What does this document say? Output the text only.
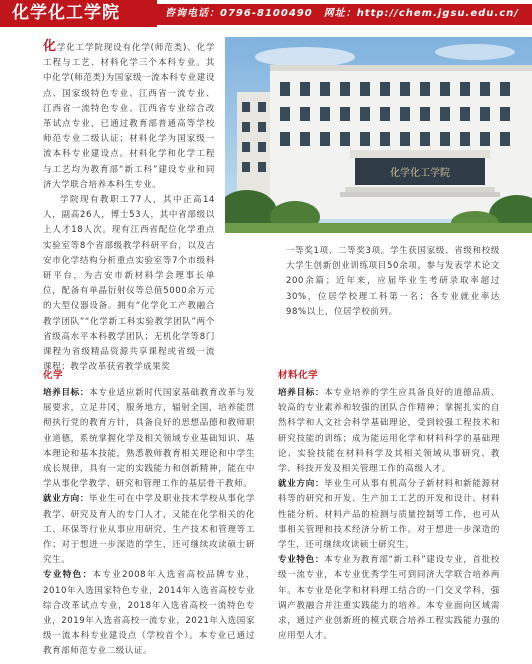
化学化工学院	咨询电话：0796-8100490　网址：http://chem.jgsu.edu.cn/

化学化工学院现设有化学(师范类)、化学工程与工艺、材料化学三个本科专业。其中化学(师范类)为国家级一流本科专业建设点、国家级特色专业、江西省一流专业、江西省一流特色专业、江西省专业综合改革试点专业，已通过教育部普通高等学校师范专业二级认证；材料化学为国家级一流本科专业建设点。材料化学和化学工程与工艺均为教育部“新工科”建设专业和同济大学联合培养本科生专业。

学院现有教职工77人，其中正高14人，副高26人，博士53人，其中省部级以上人才18人次。现有江西省配位化学重点实验室等8个省部级教学科研平台，以及吉安市化学结构分析重点实验室等7个市级科研平台，为吉安市新材料学会理事长单位，配备有单晶衍射仪等总值5000余万元的大型仪器设备。拥有“化学化工产教融合教学团队”“化学新工科实验教学团队”两个省级高水平本科教学团队；无机化学等8门课程为省级精品资源共享课程或省级一流课程；教学改革获省教学成果奖

化学化工学院

一等奖1项、二等奖3项。学生获国家级、省级和校级大学生创新创业训练项目50余项，参与发表学术论文200余篇；近年来，应届毕业生考研录取率超过30%，位居学校理工科第一名；各专业就业率达98%以上，位居学校前列。

化学

培养目标：本专业适应新时代国家基础教育改革与发展要求，立足井冈，服务地方，辐射全国，培养能贯彻执行党的教育方针，具备良好的思想品德和教师职业道德，系统掌握化学及相关领域专业基础知识、基本理论和基本技能，熟悉教师教育相关理论和中学生成长规律，具有一定的实践能力和创新精神，能在中学从事化学教学、研究和管理工作的基层骨干教师。

就业方向：毕业生可在中学及职业技术学校从事化学教学、研究及育人的专门人才，又能在化学相关的化工、环保等行业从事应用研究、生产技术和管理等工作；对于想进一步深造的学生，还可继续攻读硕士研究生。

专业特色：本专业2008年入选省高校品牌专业，2010年入选国家特色专业，2014年入选省高校专业综合改革试点专业，2018年入选省高校一流特色专业，2019年入选省高校一流专业，2021年入选国家级一流本科专业建设点（学校首个）。本专业已通过教育部师范专业二级认证。

材料化学

培养目标：本专业培养的学生应具备良好的道德品质、较高的专业素养和较强的团队合作精神；掌握扎实的自然科学和人文社会科学基础理论，受到较强工程技术和研究技能的训练；成为能运用化学和材料科学的基础理论、实验技能在材料科学及其相关领域从事研究、教学、科技开发及相关管理工作的高级人才。

就业方向：毕业生可从事有机高分子新材料和新能源材料等的研究和开发、生产加工工艺的开发和设计、材料性能分析、材料产品的检测与质量控制等工作，也可从事相关管理和技术经济分析工作。对于想进一步深造的学生，还可继续攻读硕士研究生。

专业特色：本专业为教育部“新工科”建设专业，首批校级一流专业，本专业优秀学生可到同济大学联合培养两年。本专业是化学和材料理工结合的一门交叉学科，强调产教融合并注重实践能力的培养。本专业面向区域需求，通过产业创新班的模式联合培养工程实践能力强的应用型人才。
